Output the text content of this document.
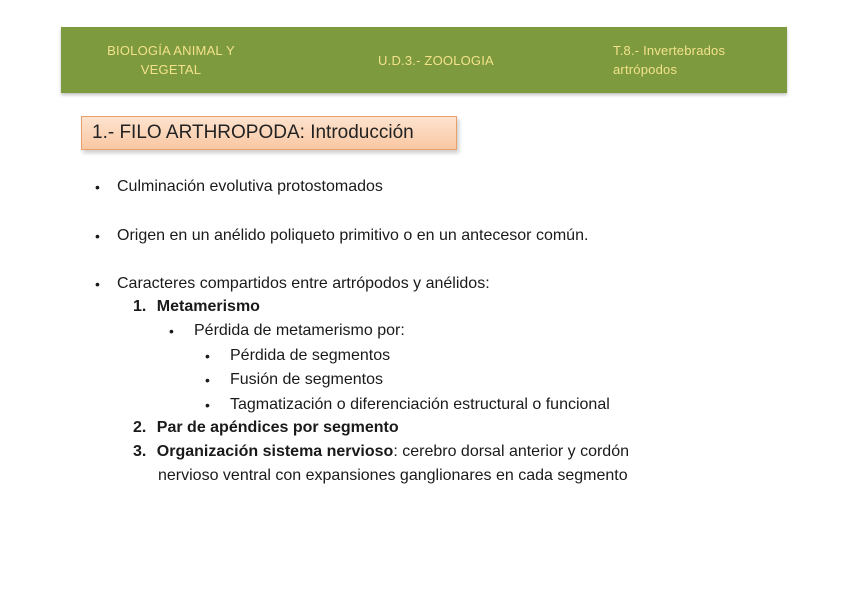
BIOLOGÍA ANIMAL Y
VEGETAL
U.D.3.- ZOOLOGIA
T.8.- Invertebrados
artrópodos
1.- FILO ARTHROPODA: Introducción
• Culminación evolutiva protostomados
• Origen en un anélido poliqueto primitivo o en un antecesor común.
• Caracteres compartidos entre artrópodos y anélidos:
1. Metamerismo
• Pérdida de metamerismo por:
• Pérdida de segmentos
• Fusión de segmentos
• Tagmatización o diferenciación estructural o funcional
2. Par de apéndices por segmento
3. Organización sistema nervioso: cerebro dorsal anterior y cordón
nervioso ventral con expansiones ganglionares en cada segmento
